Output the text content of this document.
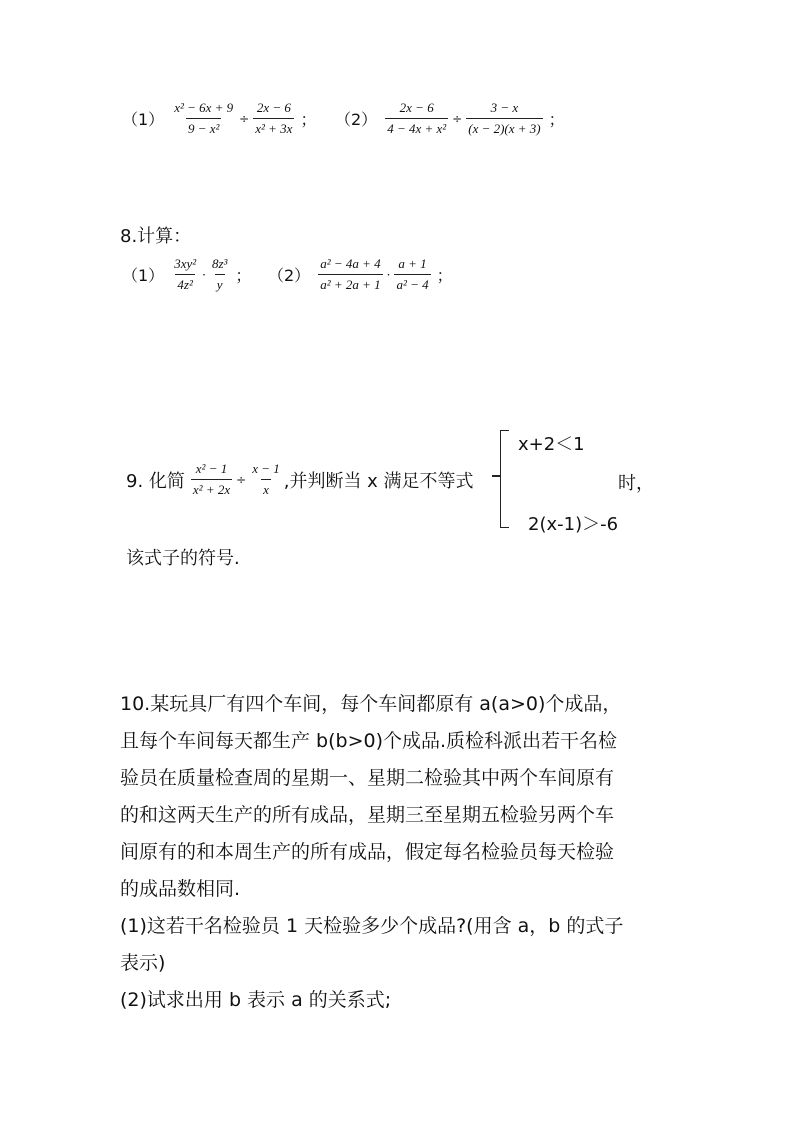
$(1) \frac{\text{x² − 6x + 9}}{\text{9 − x²}} \div \frac{2x - 6}{\text{x² + 3x}}$ ； $(2) \frac{2x - 6}{\text{4 − 4x + x²}} \div \frac{3 - x}{(x - 2)(x + 3)}$ ；
8.计算：
$(1) \frac{\text{3xy²}}{\text{4z²}} \cdot \frac{\text{8z³}}{y}$ ； $(2) \frac{\text{a² − 4a + 4}}{\text{a² + 2a + 1}} \cdot \frac{a + 1}{\text{a² − 4}}$ ；
9. 化简 $\frac{\text{x² − 1}}{\text{x² + 2x}} \div \frac{x - 1}{x}$ ,并判断当 x 满足不等式
x+2＜1
2(x-1)＞-6
时，
该式子的符号.

10.某玩具厂有四个车间，每个车间都原有 a(a>0)个成品，

且每个车间每天都生产 b(b>0)个成品.质检科派出若干名检

验员在质量检查周的星期一、星期二检验其中两个车间原有

的和这两天生产的所有成品，星期三至星期五检验另两个车

间原有的和本周生产的所有成品，假定每名检验员每天检验

的成品数相同.

(1)这若干名检验员 1 天检验多少个成品?(用含 a，b 的式子

表示)

(2)试求出用 b 表示 a 的关系式;
